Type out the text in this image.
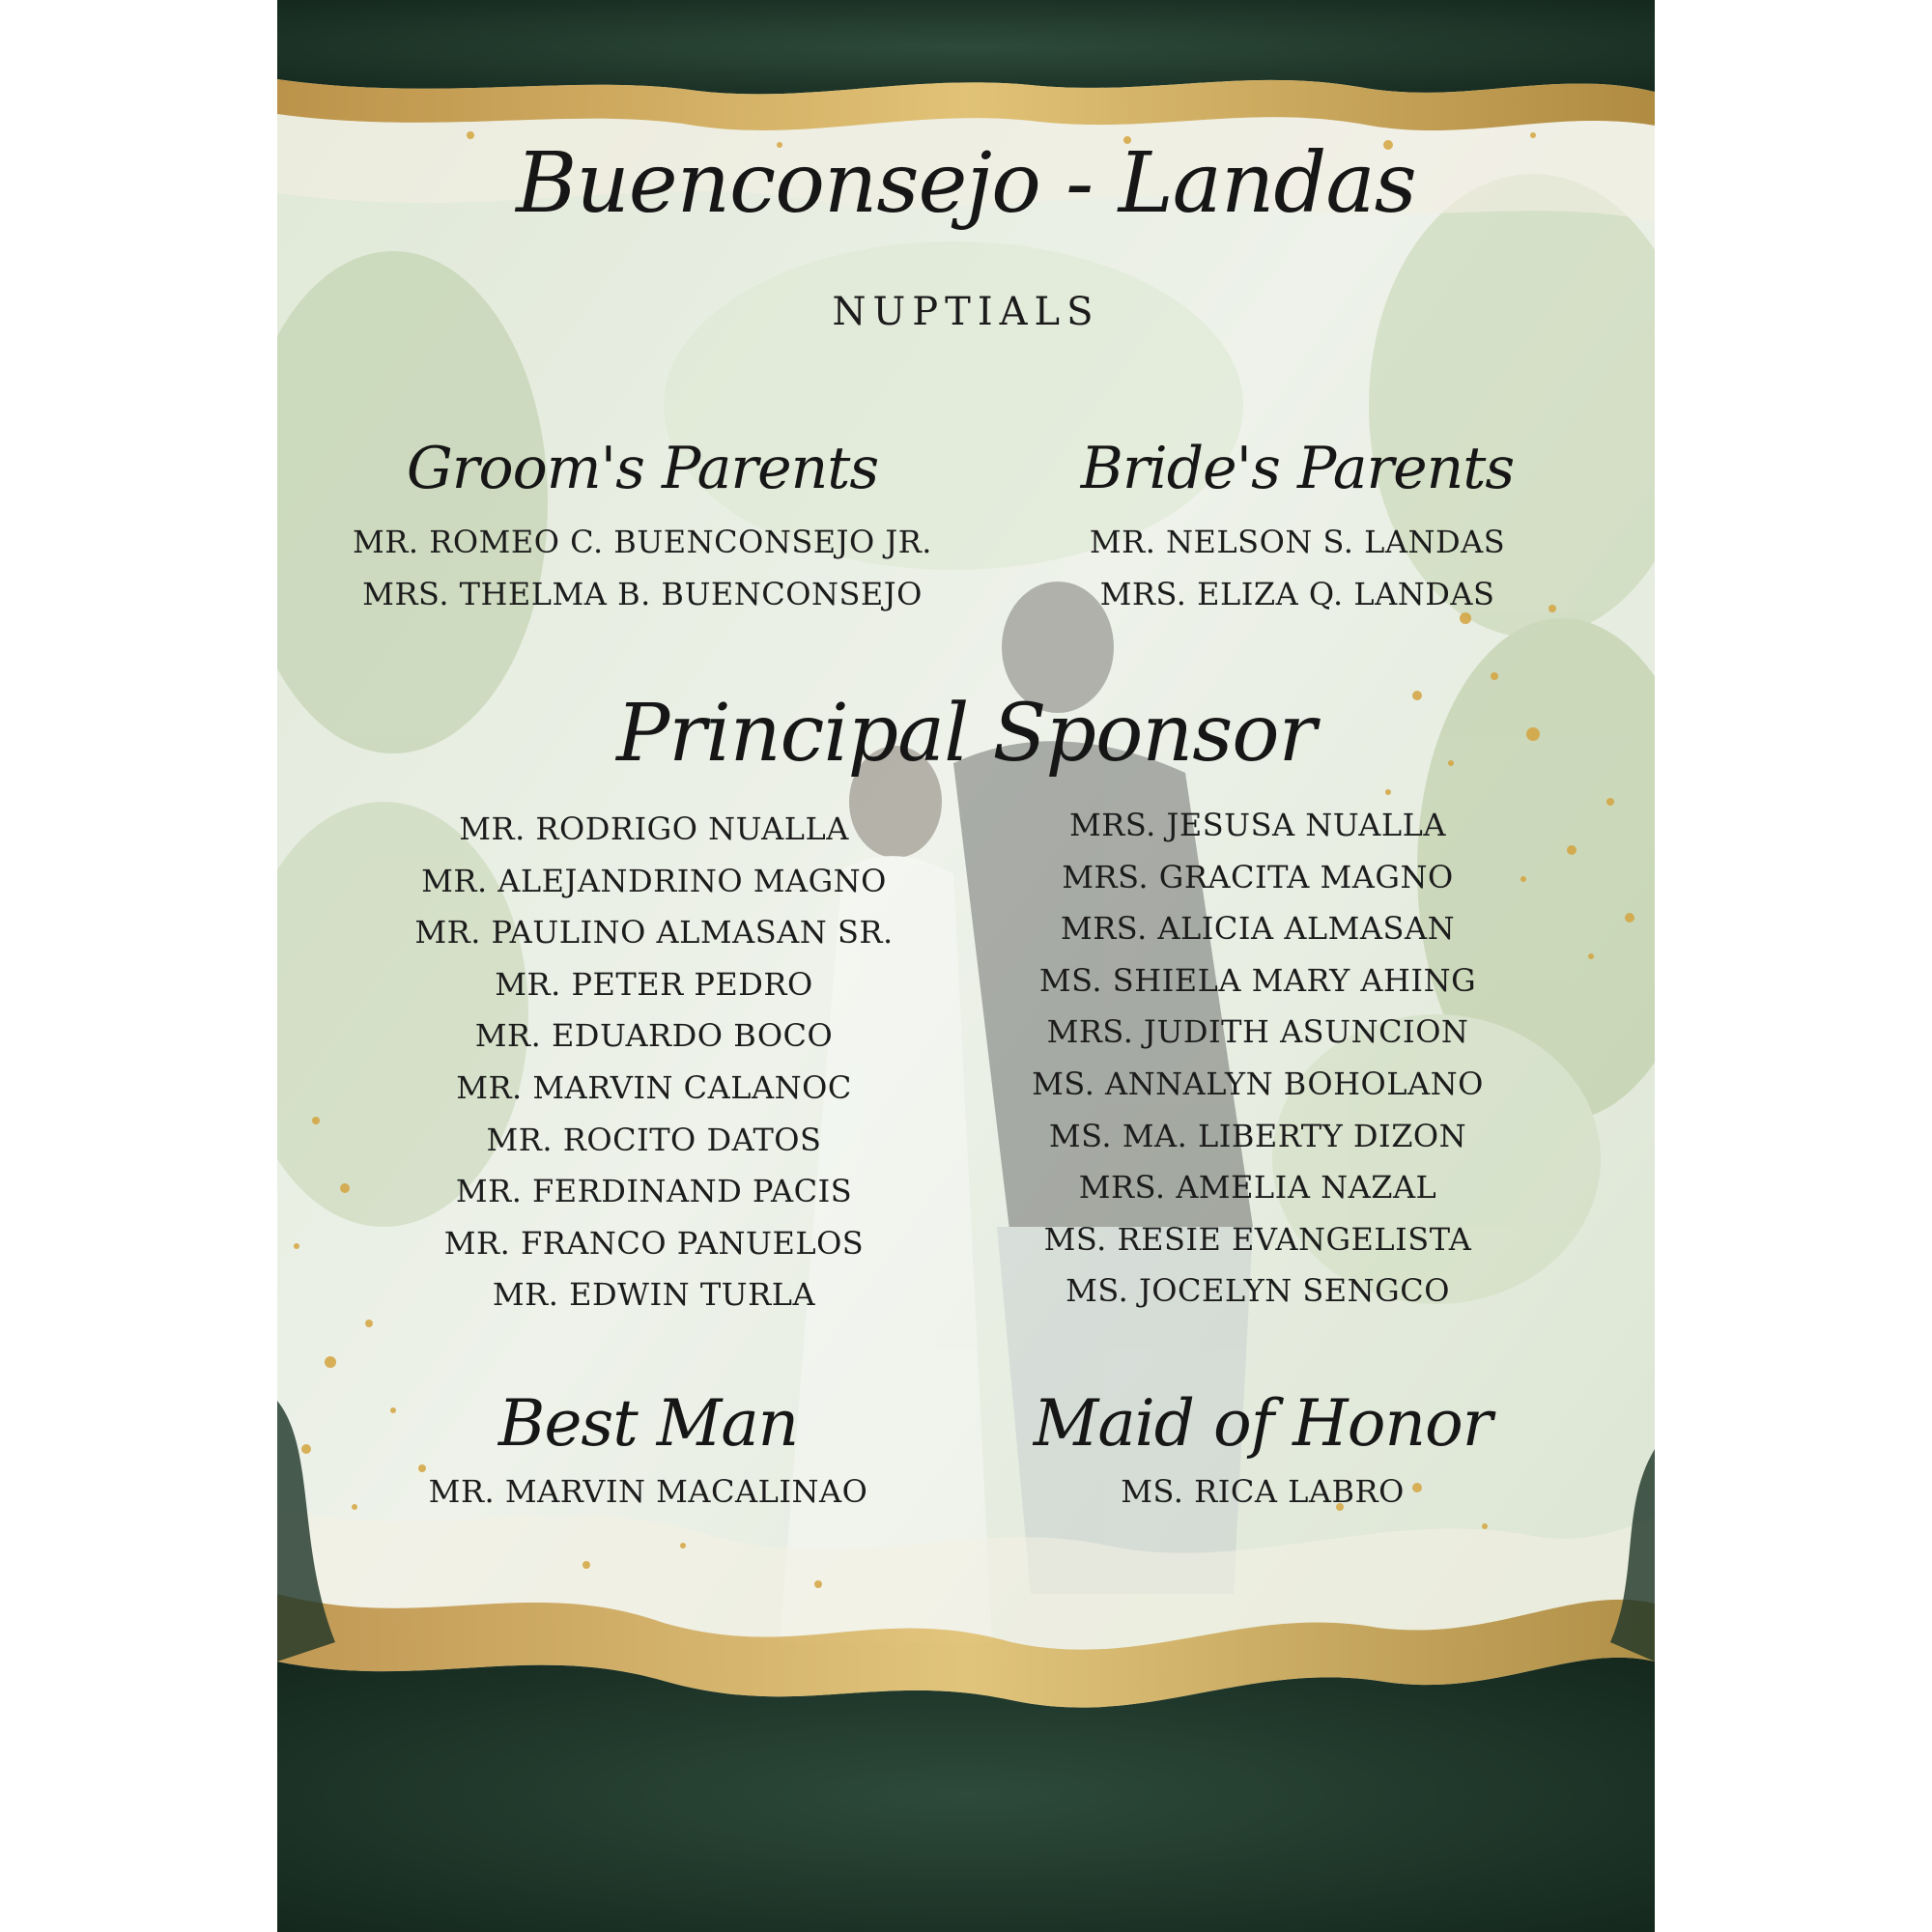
Buenconsejo - Landas
NUPTIALS
Groom's Parents
MR. ROMEO C. BUENCONSEJO JR.
MRS. THELMA B. BUENCONSEJO
Bride's Parents
MR. NELSON S. LANDAS
MRS. ELIZA Q. LANDAS
Principal Sponsor
MR. RODRIGO NUALLA
MR. ALEJANDRINO MAGNO
MR. PAULINO ALMASAN SR.
MR. PETER PEDRO
MR. EDUARDO BOCO
MR. MARVIN CALANOC
MR. ROCITO DATOS
MR. FERDINAND PACIS
MR. FRANCO PANUELOS
MR. EDWIN TURLA
MRS. JESUSA NUALLA
MRS. GRACITA MAGNO
MRS. ALICIA ALMASAN
MS. SHIELA MARY AHING
MRS. JUDITH ASUNCION
MS. ANNALYN BOHOLANO
MS. MA. LIBERTY DIZON
MRS. AMELIA NAZAL
MS. RESIE EVANGELISTA
MS. JOCELYN SENGCO
Best Man
MR. MARVIN MACALINAO
Maid of Honor
MS. RICA LABRO
